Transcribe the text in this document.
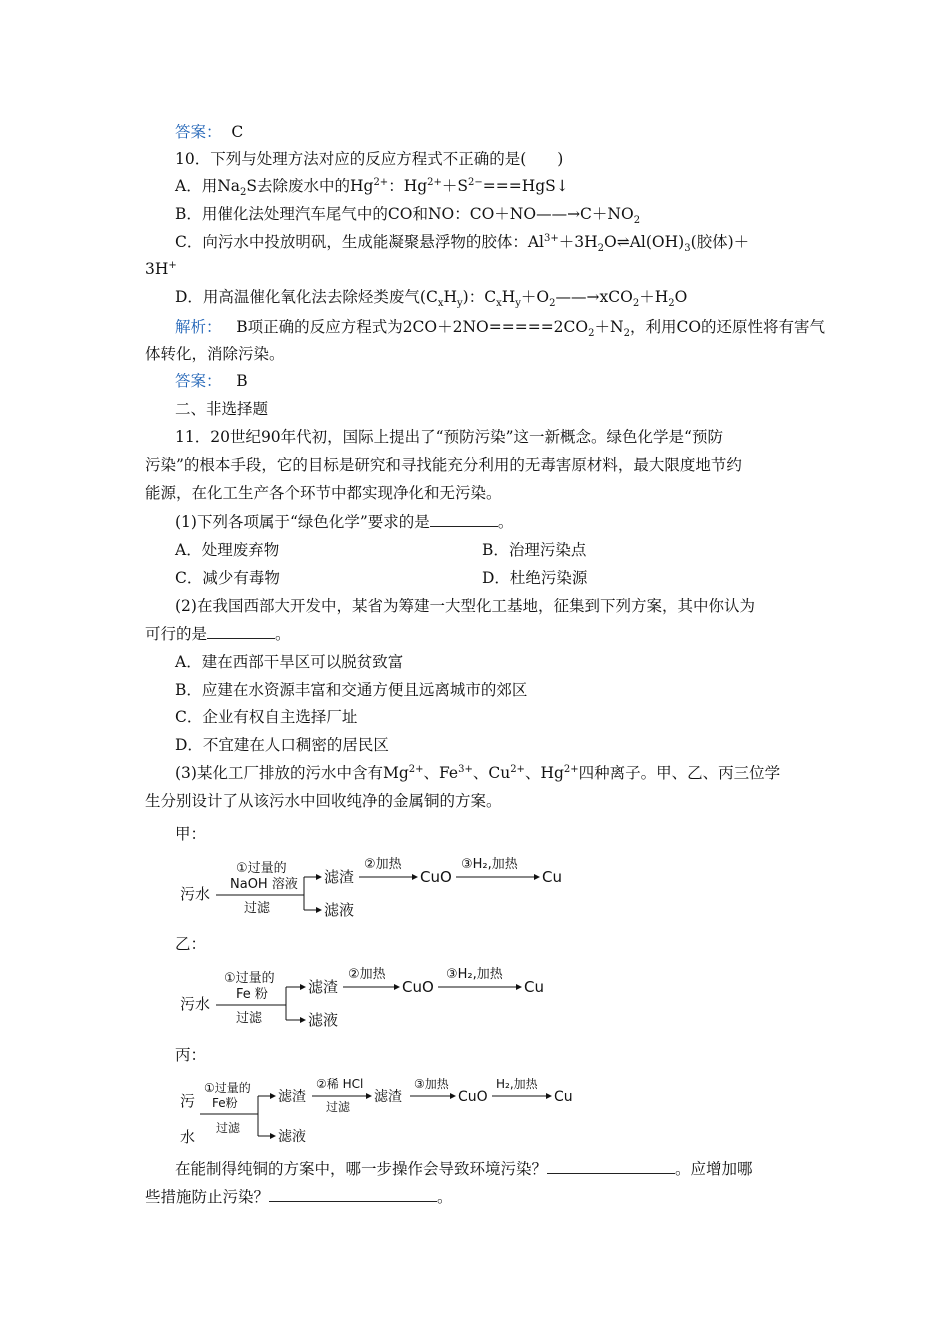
答案： C
10．下列与处理方法对应的反应方程式不正确的是(　　)
A．用$Na_2S$去除废水中的$Hg^{2+}$：$Hg^{2+}+S^{2-}===HgS↓$
B．用催化法处理汽车尾气中的CO和NO：$CO+NO——\to C+NO_2$
C．向污水中投放明矾，生成能凝聚悬浮物的胶体：$Al^{3+}+3H_2O\rightleftharpoons Al(OH)_3$(胶体)＋
3H+
D．用高温催化氧化法去除烃类废气$(C_xH_y)$：$C_xH_y+O_2——\to xCO_2+H_2O$
解析： B项正确的反应方程式为$2CO+2NO=====2CO_2+N_2$，利用CO的还原性将有害气
体转化，消除污染。
答案： B
二、非选择题
11．20世纪90年代初，国际上提出了“预防污染”这一新概念。绿色化学是“预防
污染”的根本手段，它的目标是研究和寻找能充分利用的无毒害原材料，最大限度地节约
能源，在化工生产各个环节中都实现净化和无污染。
(1)下列各项属于“绿色化学”要求的是	。
A．处理废弃物	B．治理污染点
C．减少有毒物	D．杜绝污染源
(2)在我国西部大开发中，某省为筹建一大型化工基地，征集到下列方案，其中你认为
可行的是	。
A．建在西部干旱区可以脱贫致富
B．应建在水资源丰富和交通方便且远离城市的郊区
C．企业有权自主选择厂址
D．不宜建在人口稠密的居民区
(3)某化工厂排放的污水中含有$Mg^{2+}$、$Fe^{3+}$、$Cu^{2+}$、$Hg^{2+}$四种离子。甲、乙、丙三位学
生分别设计了从该污水中回收纯净的金属铜的方案。
甲：
污水
①过量的
NaOH 溶液
过滤
滤渣
滤液
②加热
CuO
③H₂,加热
Cu
乙：
污水
①过量的
Fe 粉
过滤
滤渣
滤液
②加热
CuO
③H₂,加热
Cu
丙：
污
水
①过量的
Fe粉
过滤
滤渣
滤液
②稀 HCl
过滤
滤渣
③加热
CuO
H₂,加热
Cu
在能制得纯铜的方案中，哪一步操作会导致环境污染？	。应增加哪
些措施防止污染？	。
